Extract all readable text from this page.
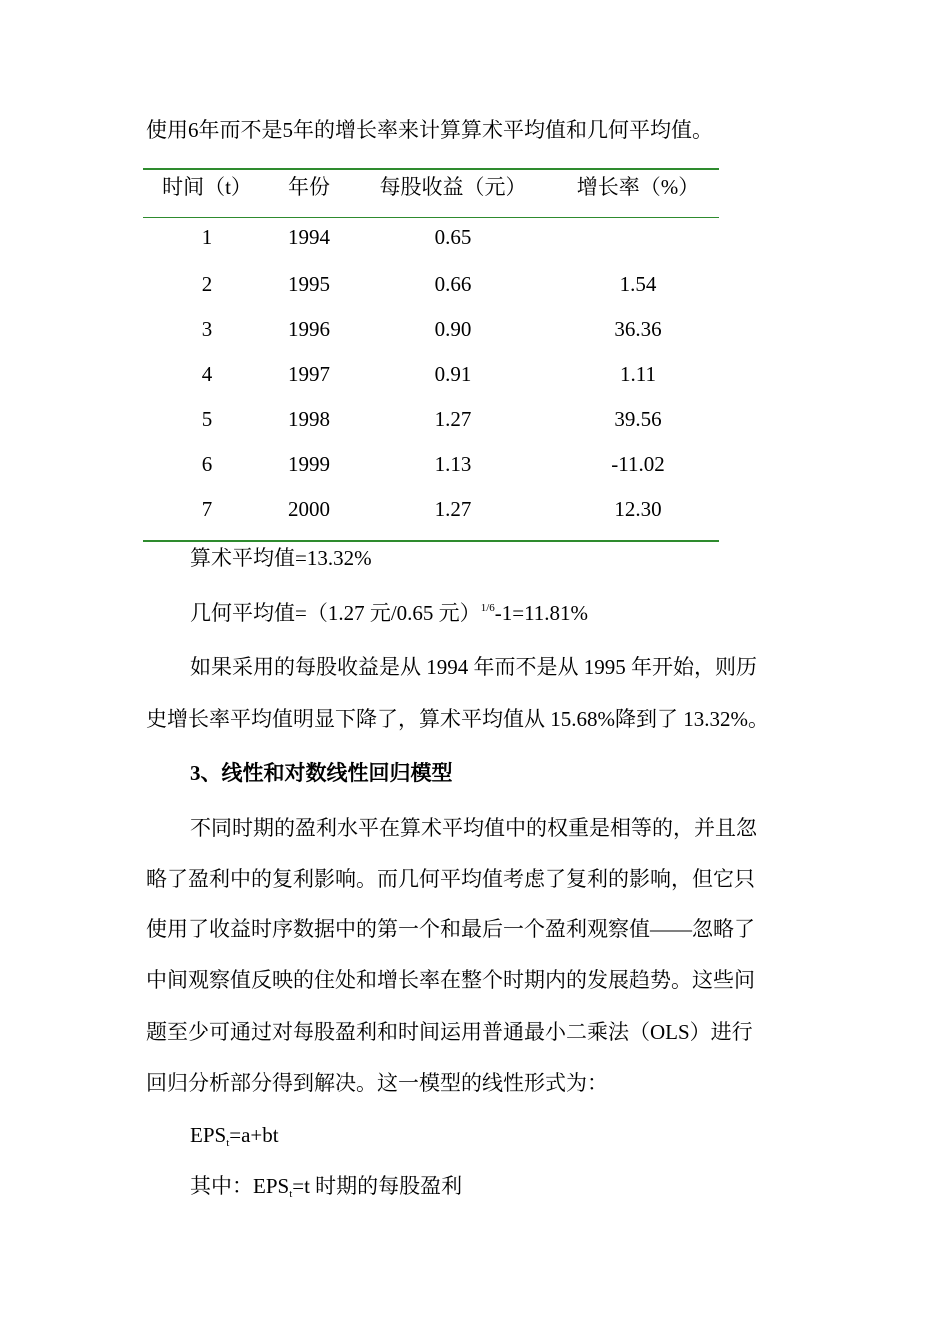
使用6年而不是5年的增长率来计算算术平均值和几何平均值。

时间（t）	年份	每股收益（元）	增长率（%）
1	1994	0.65
2	1995	0.66	1.54
3	1996	0.90	36.36
4	1997	0.91	1.11
5	1998	1.27	39.56
6	1999	1.13	-11.02
7	2000	1.27	12.30

算术平均值=13.32%

几何平均值=（1.27 元/0.65 元）$^{1/6}$-1=11.81%

如果采用的每股收益是从 1994 年而不是从 1995 年开始，则历

史增长率平均值明显下降了，算术平均值从 15.68%降到了 13.32%。

3、线性和对数线性回归模型

不同时期的盈利水平在算术平均值中的权重是相等的，并且忽

略了盈利中的复利影响。而几何平均值考虑了复利的影响，但它只

使用了收益时序数据中的第一个和最后一个盈利观察值——忽略了

中间观察值反映的住处和增长率在整个时期内的发展趋势。这些问

题至少可通过对每股盈利和时间运用普通最小二乘法（OLS）进行

回归分析部分得到解决。这一模型的线性形式为：

$EPS_t=a+bt$

其中：$EPS_t=t$ 时期的每股盈利
